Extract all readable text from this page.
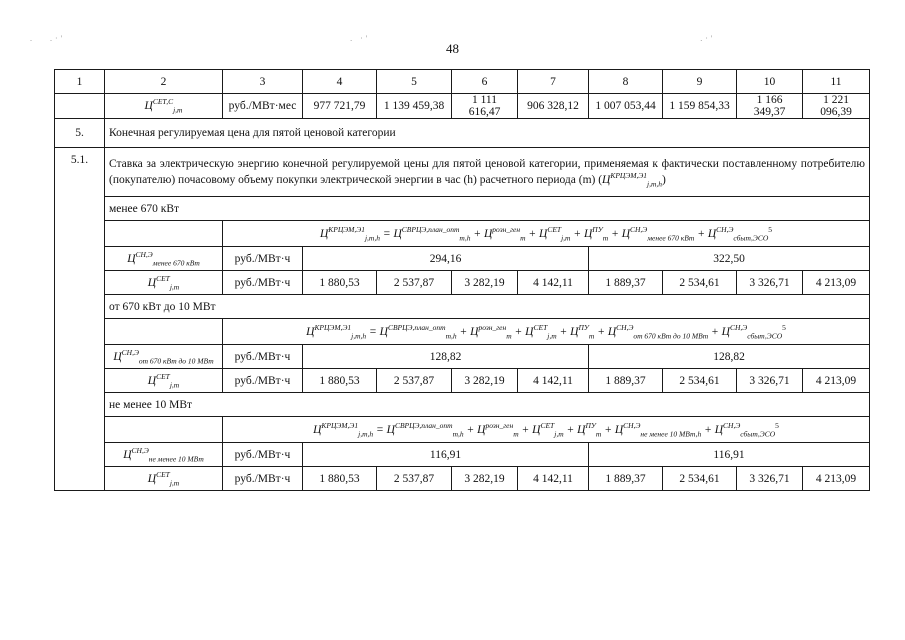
.   .·'                                                         . ·'                                                                  .·'
48
1	2	3	4	5	6	7	8	9	10	11
	$Ц^{СЕТ,С}_{j,m}$	руб./МВт·мес	977 721,79	1 139 459,38	1 111 616,47	906 328,12	1 007 053,44	1 159 854,33	1 166 349,37	1 221 096,39
5.	Конечная регулируемая цена для пятой ценовой категории									
5.1.	Ставка за электрическую энергию конечной регулируемой цены для пятой ценовой категории, применяемая к фактически поставленному потребителю (покупателю) почасовому объему покупки электрической энергии в час (h) расчетного периода (m) $(Ц^{КРЦЭМ,Э1}_{j,m,h})$									
	менее 670 кВт									
		$Ц^{КРЦЭМ,Э1}_{j,m,h} = Ц^{СВРЦЭ,план\_опт}_{m,h} + Ц^{розн\_ген}_m + Ц^{СЕТ}_{j,m} + Ц^{ПУ}_m + Ц^{СН,Э}_{менее 670 кВт} + Ц^{СН,Э}_{сбыт,ЭСО}^5$
	$Ц^{СН,Э}_{менее 670 кВт}$	руб./МВт·ч	294,16				322,50			
	$Ц^{СЕТ}_{j,m}$	руб./МВт·ч	1 880,53	2 537,87	3 282,19	4 142,11	1 889,37	2 534,61	3 326,71	4 213,09
	от 670 кВт до 10 МВт									
		$Ц^{КРЦЭМ,Э1}_{j,m,h} = Ц^{СВРЦЭ,план\_опт}_{m,h} + Ц^{розн\_ген}_m + Ц^{СЕТ}_{j,m} + Ц^{ПУ}_m + Ц^{СН,Э}_{от 670 кВт до 10 МВт} + Ц^{СН,Э}_{сбыт,ЭСО}^5$
	$Ц^{СН,Э}_{от 670 кВт до 10 МВт}$	руб./МВт·ч	128,82				128,82			
	$Ц^{СЕТ}_{j,m}$	руб./МВт·ч	1 880,53	2 537,87	3 282,19	4 142,11	1 889,37	2 534,61	3 326,71	4 213,09
	не менее 10 МВт									
		$Ц^{КРЦЭМ,Э1}_{j,m,h} = Ц^{СВРЦЭ,план\_опт}_{m,h} + Ц^{розн\_ген}_m + Ц^{СЕТ}_{j,m} + Ц^{ПУ}_m + Ц^{СН,Э}_{не менее 10 МВт,h} + Ц^{СН,Э}_{сбыт,ЭСО}^5$
	$Ц^{СН,Э}_{не менее 10 МВт}$	руб./МВт·ч	116,91				116,91			
	$Ц^{СЕТ}_{j,m}$	руб./МВт·ч	1 880,53	2 537,87	3 282,19	4 142,11	1 889,37	2 534,61	3 326,71	4 213,09
